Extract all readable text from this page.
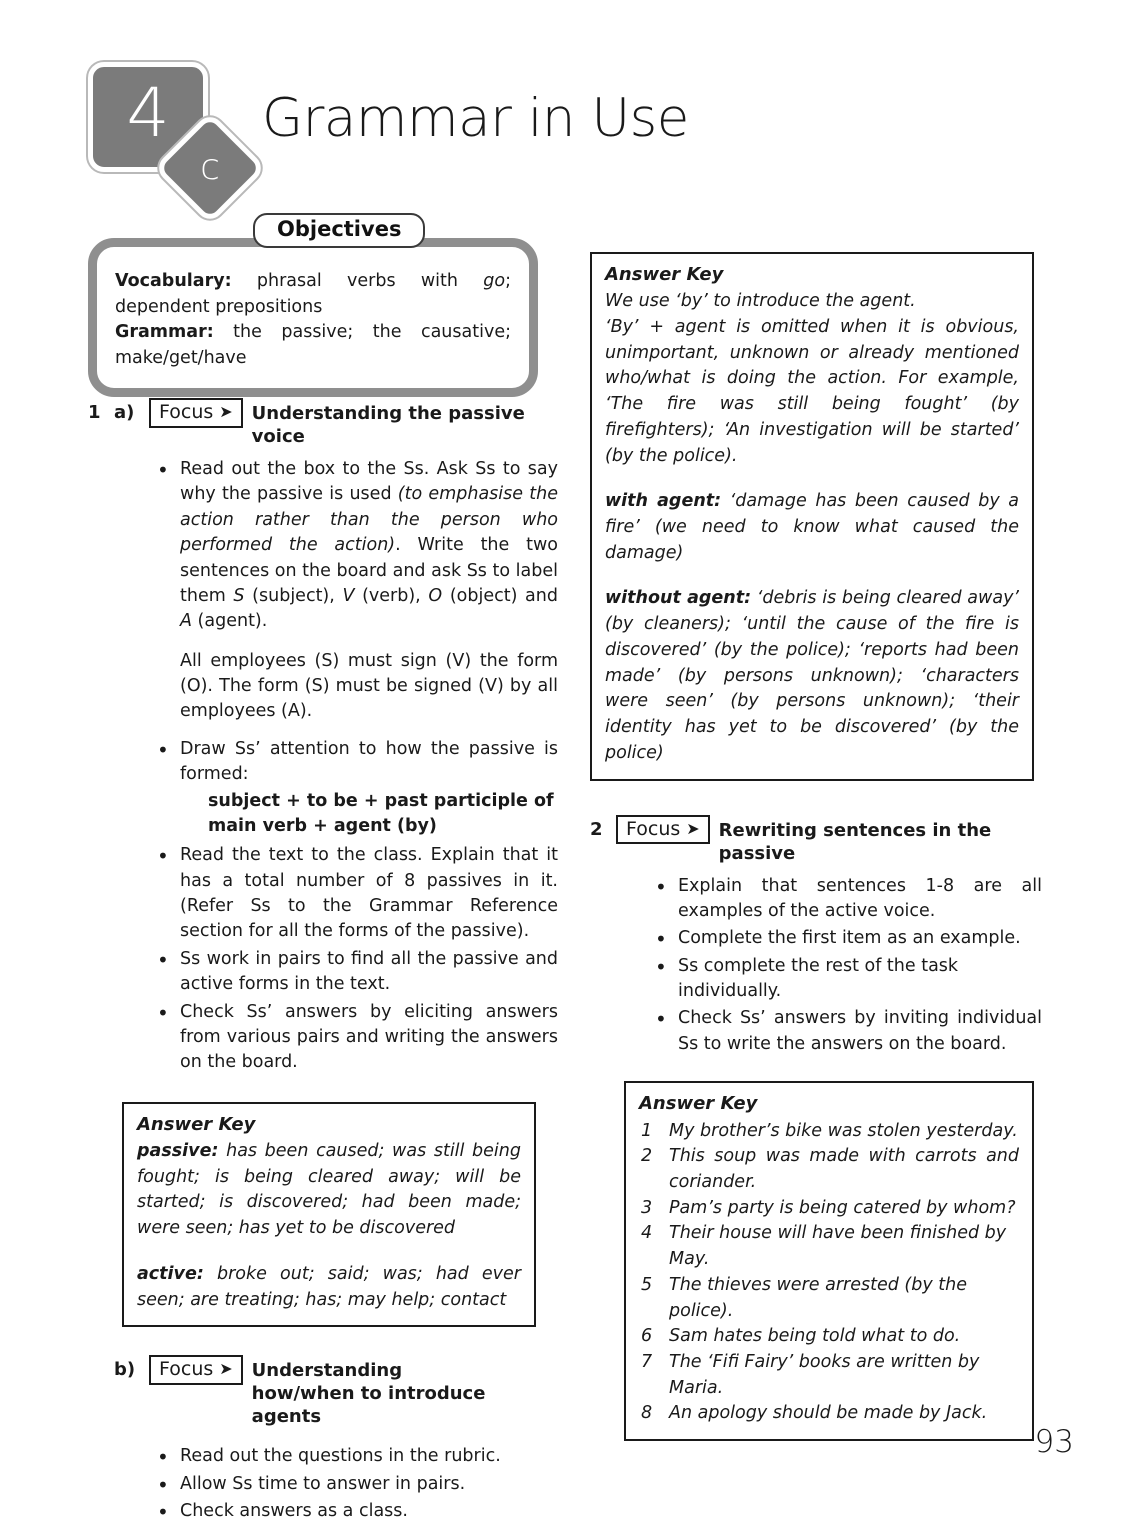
4
c
Grammar in Use
Objectives

Vocabulary: phrasal verbs with go; dependent prepositions
Grammar: the passive; the causative; make/get/have

1 a)	Focus ➤	Understanding the passive voice
• Read out the box to the Ss. Ask Ss to say why the passive is used (to emphasise the action rather than the person who performed the action). Write the two sentences on the board and ask Ss to label them S (subject), V (verb), O (object) and A (agent).

All employees (S) must sign (V) the form (O). The form (S) must be signed (V) by all employees (A).

• Draw Ss’ attention to how the passive is formed:
subject + to be + past participle of main verb + agent (by)
• Read the text to the class. Explain that it has a total number of 8 passives in it. (Refer Ss to the Grammar Reference section for all the forms of the passive).
• Ss work in pairs to find all the passive and active forms in the text.
• Check Ss’ answers by eliciting answers from various pairs and writing the answers on the board.
Answer Key

passive: has been caused; was still being fought; is being cleared away; will be started; is discovered; had been made; were seen; has yet to be discovered

active: broke out; said; was; had ever seen; are treating; has; may help; contact

b)	Focus ➤	Understanding how/when to introduce agents
• Read out the questions in the rubric.
• Allow Ss time to answer in pairs.
• Check answers as a class.
Answer Key

We use ‘by’ to introduce the agent.

‘By’ + agent is omitted when it is obvious, unimportant, unknown or already mentioned who/what is doing the action. For example, ‘The fire was still being fought’ (by firefighters); ‘An investigation will be started’ (by the police).

with agent: ‘damage has been caused by a fire’ (we need to know what caused the damage)

without agent: ‘debris is being cleared away’ (by cleaners); ‘until the cause of the fire is discovered’ (by the police); ‘reports had been made’ (by persons unknown); ‘characters were seen’ (by persons unknown); ‘their identity has yet to be discovered’ (by the police)

2	Focus ➤	Rewriting sentences in the passive
• Explain that sentences 1-8 are all examples of the active voice.
• Complete the first item as an example.
• Ss complete the rest of the task individually.
• Check Ss’ answers by inviting individual Ss to write the answers on the board.
Answer Key
1 My brother’s bike was stolen yesterday.
2 This soup was made with carrots and coriander.
3 Pam’s party is being catered by whom?
4 Their house will have been finished by May.
5 The thieves were arrested (by the police).
6 Sam hates being told what to do.
7 The ‘Fifi Fairy’ books are written by Maria.
8 An apology should be made by Jack.
93
